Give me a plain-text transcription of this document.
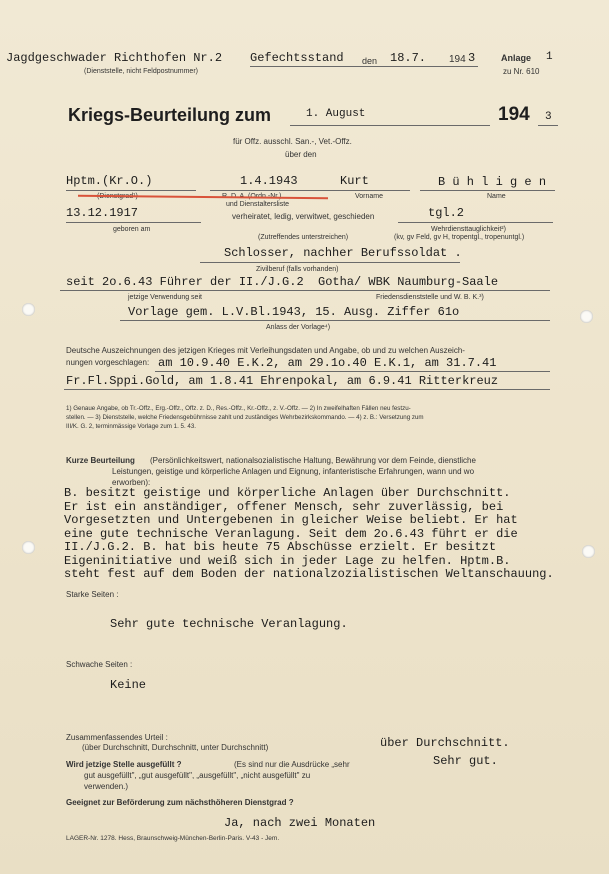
Jagdgeschwader Richthofen Nr.2
(Dienststelle, nicht Feldpostnummer)
Gefechtsstand den 18.7. 194 3	Anlage 1
zu Nr. 610
Kriegs-Beurteilung zum	1. August	194 3
für Offz. ausschl. San.-, Vet.-Offz.
über den
Hptm.(Kr.O.)
(Dienstgrad¹)
1.4.1943
R. D. A. (Ordn.-Nr.)
und Dienstaltersliste
Kurt
Vorname
B ü h l i g e n
Name
13.12.1917
geboren am
verheiratet, ledig, verwitwet, geschieden
(Zutreffendes unterstreichen)
tgl.2
Wehrdiensttauglichkeit²)
(kv, gv Feld, gv H, tropentgl., tropenuntgl.)
Schlosser, nachher Berufssoldat .
Zivilberuf (falls vorhanden)
seit 2o.6.43 Führer der II./J.G.2 Gotha/ WBK Naumburg-Saale
jetzige Verwendung seit	Friedensdienststelle und W. B. K.³)
Vorlage gem. L.V.Bl.1943, 15. Ausg. Ziffer 61o
Anlass der Vorlage⁴)
Deutsche Auszeichnungen des jetzigen Krieges mit Verleihungsdaten und Angabe, ob und zu welchen Auszeich-
nungen vorgeschlagen: am 10.9.40 E.K.2, am 29.1o.40 E.K.1, am 31.7.41
Fr.Fl.Sppi.Gold, am 1.8.41 Ehrenpokal, am 6.9.41 Ritterkreuz
1) Genaue Angabe, ob Tr.-Offz., Erg.-Offz., Offz. z. D., Res.-Offz., Kr.-Offz., z. V.-Offz. — 2) In zweifelhaften Fällen neu festzu-
stellen. — 3) Dienststelle, welche Friedensgebührnisse zahlt und zuständiges Wehrbezirkskommando. — 4) z. B.: Versetzung zum
III/K. G. 2, terminmässige Vorlage zum 1. 5. 43.
Kurze Beurteilung (Persönlichkeitswert, nationalsozialistische Haltung, Bewährung vor dem Feinde, dienstliche
Leistungen, geistige und körperliche Anlagen und Eignung, infanteristische Erfahrungen, wann und wo
erworben):
B. besitzt geistige und körperliche Anlagen über Durchschnitt.
Er ist ein anständiger, offener Mensch, sehr zuverlässig, bei
Vorgesetzten und Untergebenen in gleicher Weise beliebt. Er hat
eine gute technische Veranlagung. Seit dem 2o.6.43 führt er die
II./J.G.2. B. hat bis heute 75 Abschüsse erzielt. Er besitzt
Eigeninitiative und weiß sich in jeder Lage zu helfen. Hptm.B.
steht fest auf dem Boden der nationalzozialistischen Weltanschauung.
Starke Seiten :
Sehr gute technische Veranlagung.
Schwache Seiten :
Keine
Zusammenfassendes Urteil :
(über Durchschnitt, Durchschnitt, unter Durchschnitt)	über Durchschnitt.
Wird jetzige Stelle ausgefüllt ?	(Es sind nur die Ausdrücke „sehr
gut ausgefüllt", „gut ausgefüllt", „ausgefüllt", „nicht ausgefüllt" zu
verwenden.)
Sehr gut.
Geeignet zur Beförderung zum nächsthöheren Dienstgrad ?
Ja, nach zwei Monaten
LAGER-Nr. 1278. Hess, Braunschweig-München-Berlin-Paris. V-43 - Jem.
